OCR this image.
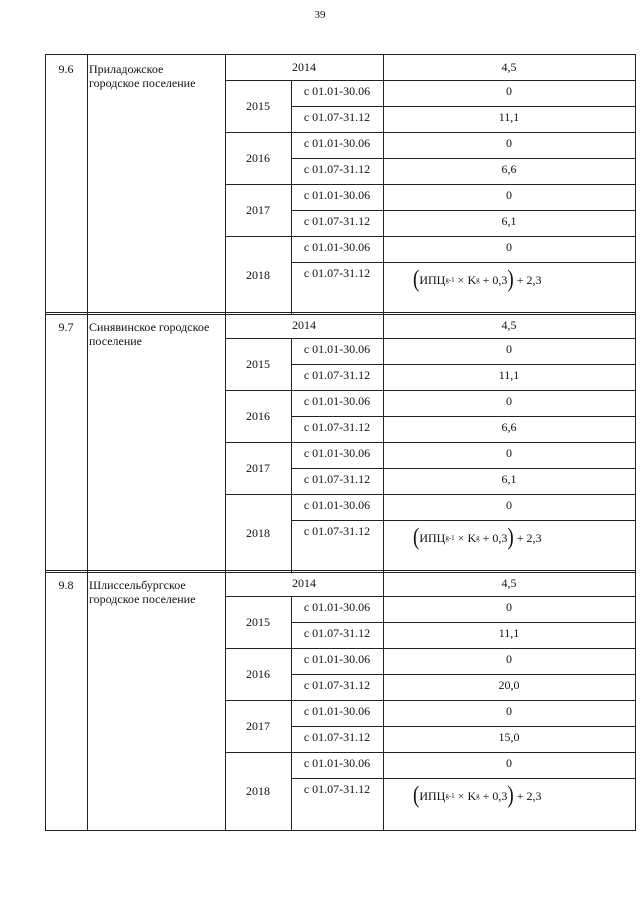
39
9.6	Приладожское
городское поселение
2014	4,5
2015
с 01.01-30.06	0
с 01.07-31.12	11,1
2016
с 01.01-30.06	0
с 01.07-31.12	6,6
2017
с 01.01-30.06	0
с 01.07-31.12	6,1
2018
с 01.01-30.06	0
с 01.07-31.12	( ИПЦ g-1 × K g + 0,3 ) + 2,3
9.7	Синявинское городское
поселение
2014	4,5
2015
с 01.01-30.06	0
с 01.07-31.12	11,1
2016
с 01.01-30.06	0
с 01.07-31.12	6,6
2017
с 01.01-30.06	0
с 01.07-31.12	6,1
2018
с 01.01-30.06	0
с 01.07-31.12	( ИПЦ g-1 × K g + 0,3 ) + 2,3
9.8	Шлиссельбургское
городское поселение
2014	4,5
2015
с 01.01-30.06	0
с 01.07-31.12	11,1
2016
с 01.01-30.06	0
с 01.07-31.12	20,0
2017
с 01.01-30.06	0
с 01.07-31.12	15,0
2018
с 01.01-30.06	0
с 01.07-31.12	( ИПЦ g-1 × K g + 0,3 ) + 2,3
